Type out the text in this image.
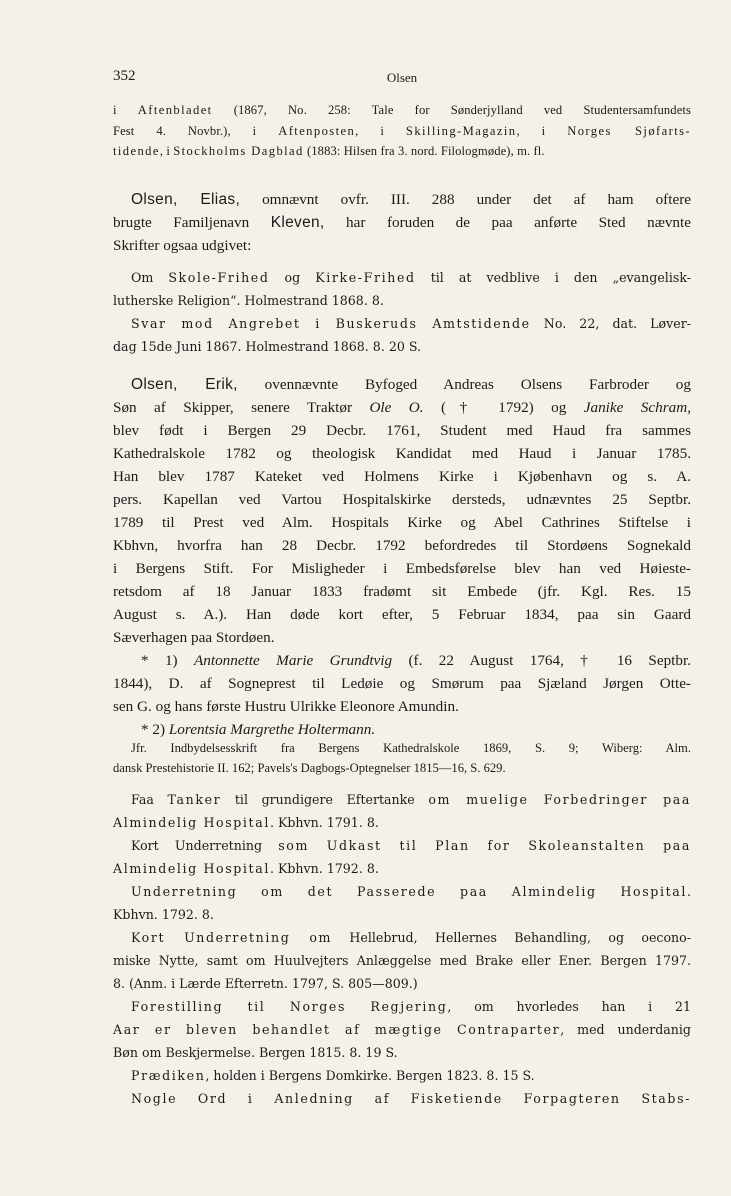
352	Olsen
i Aftenbladet (1867, No. 258: Tale for Sønderjylland ved Studentersamfundets
Fest 4. Novbr.), i Aftenposten, i Skilling-Magazin, i Norges Sjøfarts-
tidende, i Stockholms Dagblad (1883: Hilsen fra 3. nord. Filologmøde), m. fl.
Olsen, Elias, omnævnt ovfr. III. 288 under det af ham oftere
brugte Familjenavn Kleven, har foruden de paa anførte Sted nævnte
Skrifter ogsaa udgivet:
Om Skole-Frihed og Kirke-Frihed til at vedblive i den „evangelisk-
lutherske Religion“. Holmestrand 1868. 8.
Svar mod Angrebet i Buskeruds Amtstidende No. 22, dat. Løver-
dag 15de Juni 1867. Holmestrand 1868. 8. 20 S.
Olsen, Erik, ovennævnte Byfoged Andreas Olsens Farbroder og
Søn af Skipper, senere Traktør Ole O. († 1792) og Janike Schram,
blev født i Bergen 29 Decbr. 1761, Student med Haud fra sammes
Kathedralskole 1782 og theologisk Kandidat med Haud i Januar 1785.
Han blev 1787 Kateket ved Holmens Kirke i Kjøbenhavn og s. A.
pers. Kapellan ved Vartou Hospitalskirke dersteds, udnævntes 25 Septbr.
1789 til Prest ved Alm. Hospitals Kirke og Abel Cathrines Stiftelse i
Kbhvn, hvorfra han 28 Decbr. 1792 befordredes til Stordøens Sognekald
i Bergens Stift. For Misligheder i Embedsførelse blev han ved Høieste-
retsdom af 18 Januar 1833 fradømt sit Embede (jfr. Kgl. Res. 15
August s. A.). Han døde kort efter, 5 Februar 1834, paa sin Gaard
Sæverhagen paa Stordøen.
* 1) Antonnette Marie Grundtvig (f. 22 August 1764, † 16 Septbr.
1844), D. af Sogneprest til Ledøie og Smørum paa Sjæland Jørgen Otte-
sen G. og hans første Hustru Ulrikke Eleonore Amundin.
* 2) Lorentsia Margrethe Holtermann.
Jfr. Indbydelsesskrift fra Bergens Kathedralskole 1869, S. 9; Wiberg: Alm.
dansk Prestehistorie II. 162; Pavels's Dagbogs-Optegnelser 1815—16, S. 629.
Faa Tanker til grundigere Eftertanke om muelige Forbedringer paa
Almindelig Hospital. Kbhvn. 1791. 8.
Kort Underretning som Udkast til Plan for Skoleanstalten paa
Almindelig Hospital. Kbhvn. 1792. 8.
Underretning om det Passerede paa Almindelig Hospital.
Kbhvn. 1792. 8.
Kort Underretning om Hellebrud, Hellernes Behandling, og oecono-
miske Nytte, samt om Huulvejters Anlæggelse med Brake eller Ener. Bergen 1797.
8. (Anm. i Lærde Efterretn. 1797, S. 805—809.)
Forestilling til Norges Regjering, om hvorledes han i 21
Aar er bleven behandlet af mægtige Contraparter, med underdanig
Bøn om Beskjermelse. Bergen 1815. 8. 19 S.
Prædiken, holden i Bergens Domkirke. Bergen 1823. 8. 15 S.
Nogle Ord i Anledning af Fisketiende Forpagteren Stabs-
